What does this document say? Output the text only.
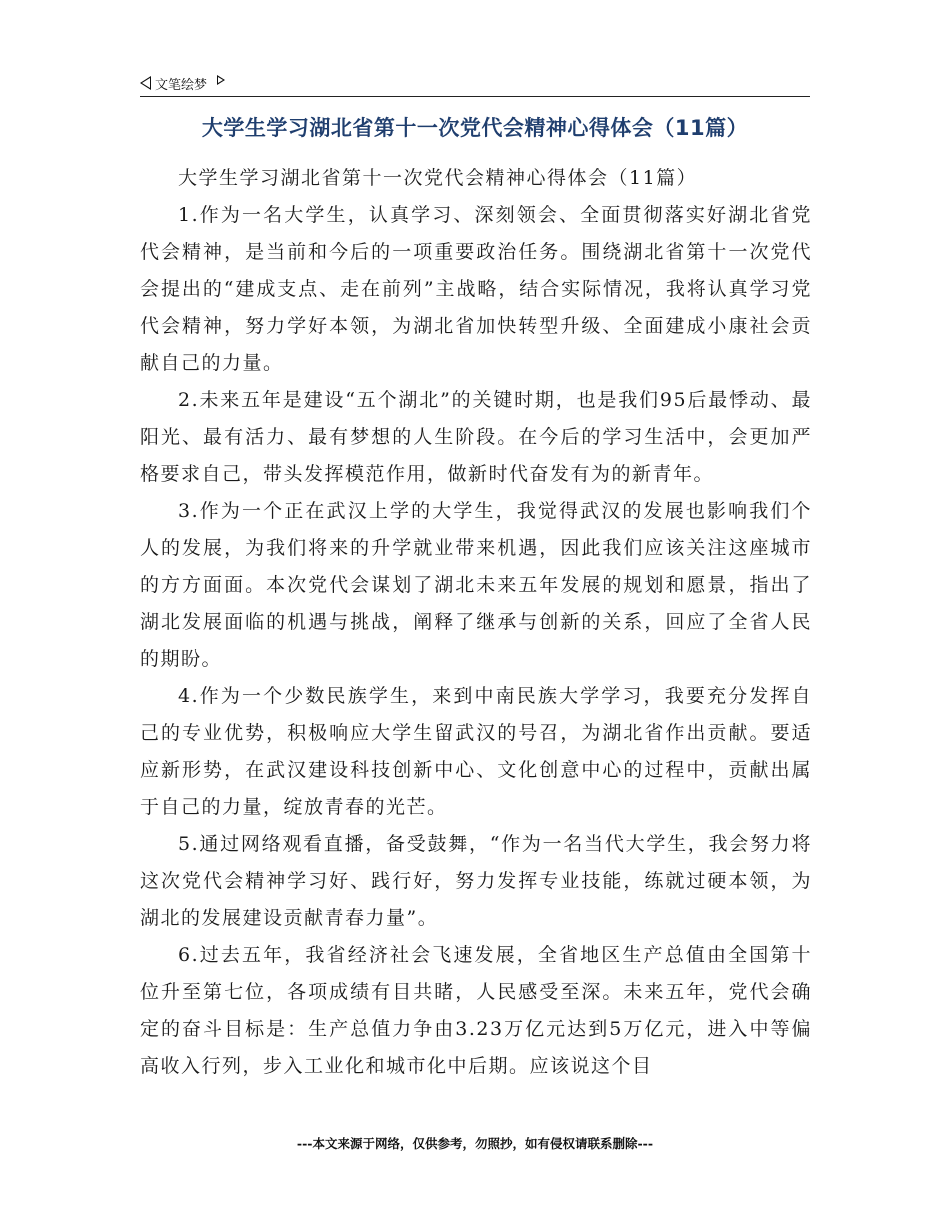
文笔绘梦
大学生学习湖北省第十一次党代会精神心得体会（11篇）

大学生学习湖北省第十一次党代会精神心得体会（11篇）

1.作为一名大学生，认真学习、深刻领会、全面贯彻落实好湖北省党代会精神，是当前和今后的一项重要政治任务。围绕湖北省第十一次党代会提出的“建成支点、走在前列”主战略，结合实际情况，我将认真学习党代会精神，努力学好本领，为湖北省加快转型升级、全面建成小康社会贡献自己的力量。

2.未来五年是建设“五个湖北”的关键时期，也是我们95后最悸动、最阳光、最有活力、最有梦想的人生阶段。在今后的学习生活中，会更加严格要求自己，带头发挥模范作用，做新时代奋发有为的新青年。

3.作为一个正在武汉上学的大学生，我觉得武汉的发展也影响我们个人的发展，为我们将来的升学就业带来机遇，因此我们应该关注这座城市的方方面面。本次党代会谋划了湖北未来五年发展的规划和愿景，指出了湖北发展面临的机遇与挑战，阐释了继承与创新的关系，回应了全省人民的期盼。

4.作为一个少数民族学生，来到中南民族大学学习，我要充分发挥自己的专业优势，积极响应大学生留武汉的号召，为湖北省作出贡献。要适应新形势，在武汉建设科技创新中心、文化创意中心的过程中，贡献出属于自己的力量，绽放青春的光芒。

5.通过网络观看直播，备受鼓舞，“作为一名当代大学生，我会努力将这次党代会精神学习好、践行好，努力发挥专业技能，练就过硬本领，为湖北的发展建设贡献青春力量”。

6.过去五年，我省经济社会飞速发展，全省地区生产总值由全国第十位升至第七位，各项成绩有目共睹，人民感受至深。未来五年，党代会确定的奋斗目标是：生产总值力争由3.23万亿元达到5万亿元，进入中等偏高收入行列，步入工业化和城市化中后期。应该说这个目

---本文来源于网络，仅供参考，勿照抄，如有侵权请联系删除---
